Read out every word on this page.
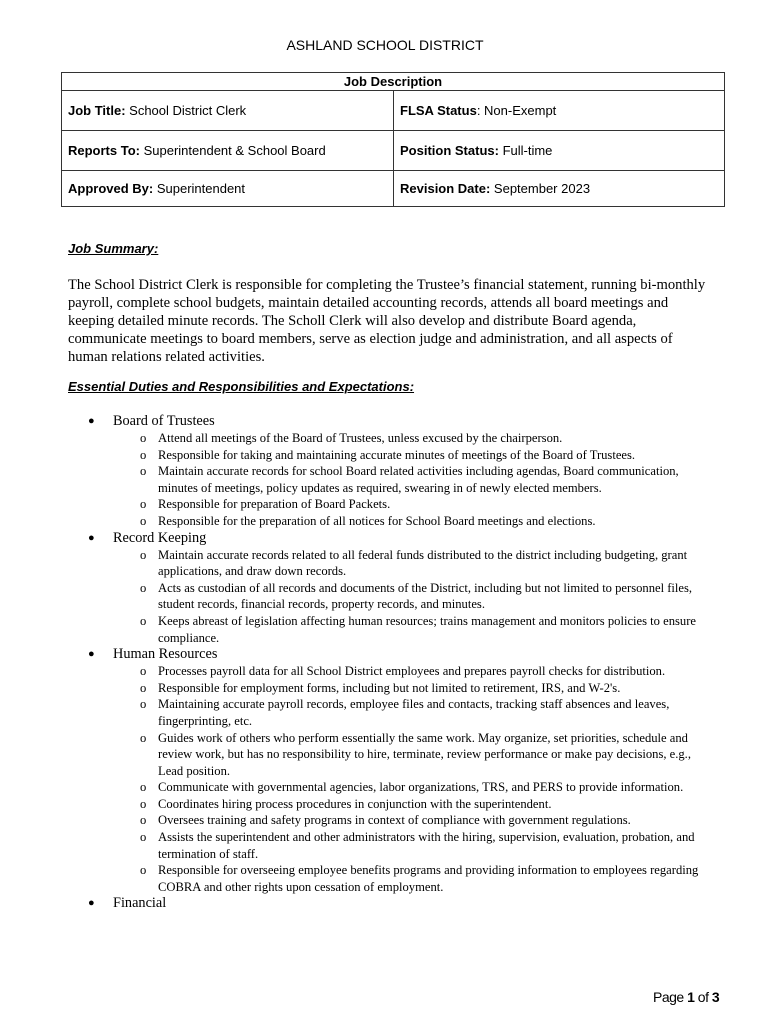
ASHLAND SCHOOL DISTRICT
Job Description	
Job Title: School District Clerk	FLSA Status: Non-Exempt
Reports To: Superintendent & School Board	Position Status: Full-time
Approved By: Superintendent	Revision Date: September 2023
Job Summary:

The School District Clerk is responsible for completing the Trustee’s financial statement, running bi-monthly payroll, complete school budgets, maintain detailed accounting records, attends all board meetings and keeping detailed minute records. The Scholl Clerk will also develop and distribute Board agenda, communicate meetings to board members, serve as election judge and administration, and all aspects of human relations related activities.

Essential Duties and Responsibilities and Expectations:
● Board of Trustees
o Attend all meetings of the Board of Trustees, unless excused by the chairperson.
o Responsible for taking and maintaining accurate minutes of meetings of the Board of Trustees.
o Maintain accurate records for school Board related activities including agendas, Board communication, minutes of meetings, policy updates as required, swearing in of newly elected members.
o Responsible for preparation of Board Packets.
o Responsible for the preparation of all notices for School Board meetings and elections.
● Record Keeping
o Maintain accurate records related to all federal funds distributed to the district including budgeting, grant applications, and draw down records.
o Acts as custodian of all records and documents of the District, including but not limited to personnel files, student records, financial records, property records, and minutes.
o Keeps abreast of legislation affecting human resources; trains management and monitors policies to ensure compliance.
● Human Resources
o Processes payroll data for all School District employees and prepares payroll checks for distribution.
o Responsible for employment forms, including but not limited to retirement, IRS, and W-2's.
o Maintaining accurate payroll records, employee files and contacts, tracking staff absences and leaves, fingerprinting, etc.
o Guides work of others who perform essentially the same work. May organize, set priorities, schedule and review work, but has no responsibility to hire, terminate, review performance or make pay decisions, e.g., Lead position.
o Communicate with governmental agencies, labor organizations, TRS, and PERS to provide information.
o Coordinates hiring process procedures in conjunction with the superintendent.
o Oversees training and safety programs in context of compliance with government regulations.
o Assists the superintendent and other administrators with the hiring, supervision, evaluation, probation, and termination of staff.
o Responsible for overseeing employee benefits programs and providing information to employees regarding COBRA and other rights upon cessation of employment.
● Financial
Page 1 of 3
